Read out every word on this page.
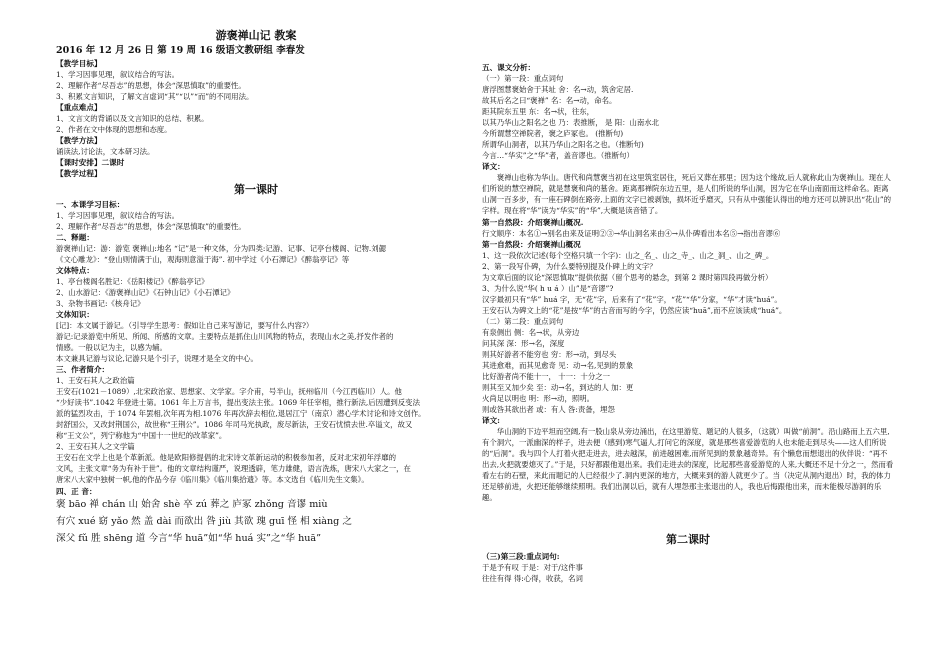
游褒禅山记 教案
2016 年 12 月 26 日 第 19 周 16 级语文教研组 李春发
【教学目标】
1、学习因事见理，叙议结合的写法。
2、理解作者“尽吾志”的思想，体会“深思慎取”的重要性。
3、积累文言知识，了解文言虚词“其”“以”“而”的不同用法。
【重点难点】
1、文言文的背诵以及文言知识的总结、积累。
2、作者在文中体现的思想和态度。
【教学方法】
诵读法,讨论法，文本研习法。
【课时安排】二课时
【教学过程】
第一课时
一、本课学习目标：
1、学习因事见理，叙议结合的写法。
2、理解作者“尽吾志”的思想，体会“深思慎取”的重要性。
二、释题：
游褒禅山记：游：游览 褒禅山:地名 “记”是一种文体，分为四类:记游、记事、记亭台楼阁、记物.刘勰
《文心雕龙》：“登山则情满于山，观海则意溢于海”. 初中学过《小石潭记》《醉翁亭记》等
文体特点：
1、亭台楼阁名胜记：《岳阳楼记》《醉翁亭记》
2、山水游记：《游褒禅山记》《石钟山记》《小石潭记》
3、杂物书画记:《核舟记》
文体知识：
[记]：本文属于游记。（引导学生思考：假如让自己来写游记，要写什么内容?）
游记:记录游览中所见、所闻、所感的文章。主要特点是抓住山川风物的特点，表现山水之美,抒发作者的
情感。一般以记为主，以感为辅。
本文兼具记游与议论,记游只是个引子，说理才是全文的中心。
三、作者简介：
1、王安石其人之政治篇
王安石(1021－1089）,北宋政治家、思想家、文学家。字介甫，号半山，抚州临川（今江西临川）人。他
“少好读书”.1042 年登进士第。1061 年上万言书，提出变法主张。1069 年任宰相，推行新法,后因遭到反变法
派的猛烈攻击，于 1074 年罢相,次年再为相.1076 年再次辞去相位,退居江宁（南京）潜心学术讨论和诗文创作。
封舒国公，又改封荆国公，故世称“王荆公”。1086 年司马光执政，废尽新法，王安石忧愤去世.卒谥文，故又
称“王文公”，列宁称他为“中国十一世纪的改革家”。
2、王安石其人之文学篇
王安石在文学上也是个革新派。他是欧阳修提倡的北宋诗文革新运动的积极参加者，反对北宋初年浮靡的
文风，主张文章“务为有补于世”。他的文章结构谨严，说理透辟，笔力雄健，语言洗炼，唐宋八大家之一，在
唐宋八大家中独树一帜,他的作品今存《临川集》《临川集拾遗》等。本文选自《临川先生文集》。
四、正 音：
褒 bāo 禅 chán 山 始舍 shè 卒 zú 葬之 庐冢 zhǒng 音谬 miù
有穴 xué 窈 yǎo 然 盖 dài 而欲出 咎 jiù 其欲 瑰 guī 怪 相 xiàng 之
深父 fǔ 胜 shēng 道 今言“华 huā”如“华 huá 实”之“华 huā”
五、课文分析：
（一）第一段：重点词句
唐浮图慧褒始舍于其址 舍：名→动，筑舍定居.
故其后名之曰“褒禅” 名：名→动，命名。
距其院东五里 东：名→状，往东，
以其乃华山之阳名之也 乃：表推断， 是 阳：山南水北
今所谓慧空禅院者，褒之庐冢也。 (推断句)
所谓华山洞者，以其乃华山之阳名之也。（推断句)
今言…“华实”之“华”者，盖音谬也。（推断句）
译文：
褒禅山也称为华山。唐代和尚慧褒当初在这里筑室居住，死后又葬在那里；因为这个缘故,后人就称此山为褒禅山。现在人们所说的慧空禅院，就是慧褒和尚的墓舍。距离那禅院东边五里，是人们所说的华山洞，因为它在华山南面而这样命名。距离山洞一百多步，有一座石碑倒在路旁,上面的文字已被剥蚀，损坏近乎磨灭，只有从中强能认得出的地方还可以辨识出“花山”的字样。现在将“华”读为“华实”的“华”,大概是读音错了。
第一自然段：介绍褒禅山概况.
行文顺序：本名①→别名由来及证明②③→华山洞名来由④→从仆碑看出本名⑤→指出音谬⑥
第一自然段：介绍褒禅山概况
1、这一段依次记述(每个空格只填一个字)：山之_名_、山之_寺_、山之_洞_、山之_碑_。
2、第一段写仆碑，为什么要特别提及仆碑上的文字？
为文章后面的议论“深思慎取”提供依据（留个思考的悬念，到第 2 课时第四段再做分析）
3、为什么说“华( h u á ）山”是“音谬”?
汉字最初只有“华” huá 字，无“花”字，后来有了“花”字，“花”“华”分家，“华”才读“huá”。
王安石认为碑文上的“花”是按“华”的古音而写的今字，仍然应读“huā”,而不应该读成“huá”。
（二）第二段：重点词句
有泉侧出 侧：名→状，从旁边
问其深 深：形→名，深度
则其好游者不能穷也 穷：形→动，到尽头
其进愈难，而其见愈奇 见：动→名,见到的景象
比好游者尚不能十一， 十一：十分之一
则其至又加少矣 至：动→名，到达的人 加：更
火尚足以明也 明：形→动，照明。
则或咎其欲出者 或：有人 咎:责备，埋怨
译文:
华山洞的下边平坦而空阔,有一股山泉从旁边涌出，在这里游览、题记的人很多，（这就）叫做“前洞”。沿山路而上五六里,有个洞穴，一派幽深的样子，进去便（感到)寒气逼人,打问它的深度，就是那些喜爱游览的人也未能走到尽头——这人们所说的“后洞”。我与四个人打着火把走进去，进去越深，前进越困难,而所见到的景象越奇异。有个懒怠而想退出的伙伴说：“再不出去,火把就要熄灭了。”于是，只好都跟他退出来。我们走进去的深度，比起那些喜爱游览的人来,大概还不足十分之一，然而看看左右的石壁，来此而题记的人已经很少了.洞内更深的地方，大概来到的游人就更少了。当（决定从洞内退出）时，我的体力还足够前进，火把还能够继续照明。我们出洞以后，就有人埋怨那主张退出的人，我也后悔跟他出来，而未能极尽游洞的乐趣。
第二课时
（三)第三段:重点词句:
于是予有叹 于是：对于/这件事
往往有得 得:心得，收获，名词
